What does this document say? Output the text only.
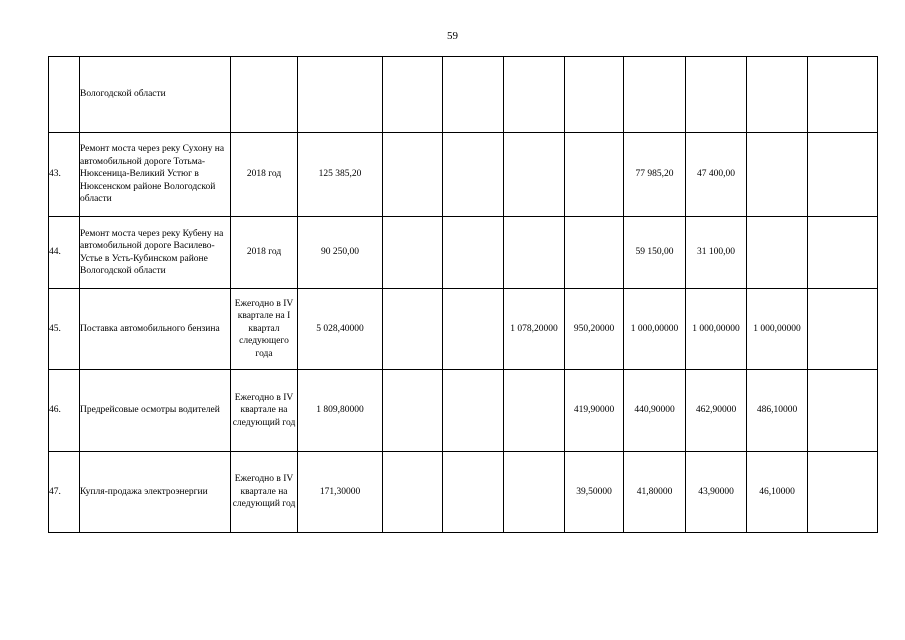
59
	Вологодской области										
43.	Ремонт моста через реку Сухону на автомобильной дороге Тотьма-Нюксеница-Великий Устюг в Нюксенском районе Вологодской области	2018 год	125 385,20					77 985,20	47 400,00		
44.	Ремонт моста через реку Кубену на автомобильной дороге Василево-Устье в Усть-Кубинском районе Вологодской области	2018 год	90 250,00					59 150,00	31 100,00		
45.	Поставка автомобильного бензина	Ежегодно в IV квартале на I квартал следующего года	5 028,40000			1 078,20000	950,20000	1 000,00000	1 000,00000	1 000,00000	
46.	Предрейсовые осмотры водителей	Ежегодно в IV квартале на следующий год	1 809,80000				419,90000	440,90000	462,90000	486,10000	
47.	Купля-продажа электроэнергии	Ежегодно в IV квартале на следующий год	171,30000				39,50000	41,80000	43,90000	46,10000	
